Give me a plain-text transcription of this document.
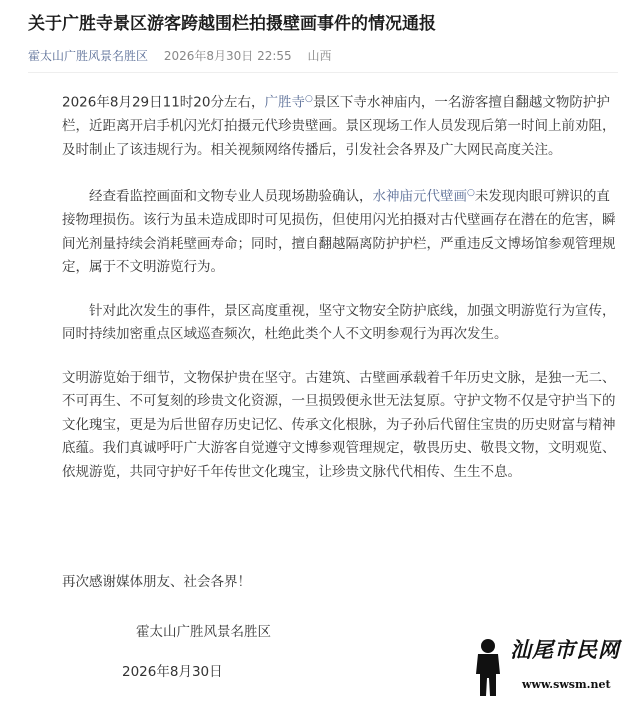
关于广胜寺景区游客跨越围栏拍摄壁画事件的情况通报
霍太山广胜风景名胜区 2026年8月30日 22:55 山西

2026年8月29日11时20分左右，广胜寺○景区下寺水神庙内，一名游客擅自翻越文物防护护栏，近距离开启手机闪光灯拍摄元代珍贵壁画。景区现场工作人员发现后第一时间上前劝阻，及时制止了该违规行为。相关视频网络传播后，引发社会各界及广大网民高度关注。

经查看监控画面和文物专业人员现场勘验确认，水神庙元代壁画○未发现肉眼可辨识的直接物理损伤。该行为虽未造成即时可见损伤，但使用闪光拍摄对古代壁画存在潜在的危害，瞬间光剂量持续会消耗壁画寿命；同时，擅自翻越隔离防护护栏，严重违反文博场馆参观管理规定，属于不文明游览行为。

针对此次发生的事件，景区高度重视，坚守文物安全防护底线，加强文明游览行为宣传，同时持续加密重点区域巡查频次，杜绝此类个人不文明参观行为再次发生。

文明游览始于细节，文物保护贵在坚守。古建筑、古壁画承载着千年历史文脉，是独一无二、不可再生、不可复刻的珍贵文化资源，一旦损毁便永世无法复原。守护文物不仅是守护当下的文化瑰宝，更是为后世留存历史记忆、传承文化根脉，为子孙后代留住宝贵的历史财富与精神底蕴。我们真诚呼吁广大游客自觉遵守文博参观管理规定，敬畏历史、敬畏文物，文明观览、依规游览，共同守护好千年传世文化瑰宝，让珍贵文脉代代相传、生生不息。

再次感谢媒体朋友、社会各界！
霍太山广胜风景名胜区
2026年8月30日
汕尾市民网
www.swsm.net
